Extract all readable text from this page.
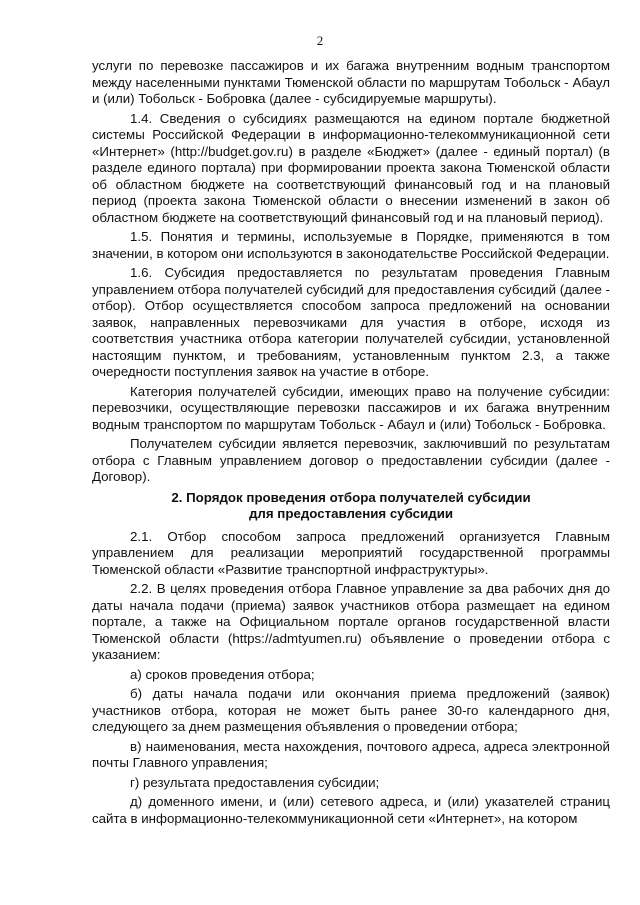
2

услуги по перевозке пассажиров и их багажа внутренним водным транспортом между населенными пунктами Тюменской области по маршрутам Тобольск - Абаул и (или) Тобольск - Бобровка (далее - субсидируемые маршруты).

1.4. Сведения о субсидиях размещаются на едином портале бюджетной системы Российской Федерации в информационно-телекоммуникационной сети «Интернет» (http://budget.gov.ru) в разделе «Бюджет» (далее - единый портал) (в разделе единого портала) при формировании проекта закона Тюменской области об областном бюджете на соответствующий финансовый год и на плановый период (проекта закона Тюменской области о внесении изменений в закон об областном бюджете на соответствующий финансовый год и на плановый период).

1.5. Понятия и термины, используемые в Порядке, применяются в том значении, в котором они используются в законодательстве Российской Федерации.

1.6. Субсидия предоставляется по результатам проведения Главным управлением отбора получателей субсидий для предоставления субсидий (далее - отбор). Отбор осуществляется способом запроса предложений на основании заявок, направленных перевозчиками для участия в отборе, исходя из соответствия участника отбора категории получателей субсидии, установленной настоящим пунктом, и требованиям, установленным пунктом 2.3, а также очередности поступления заявок на участие в отборе.

Категория получателей субсидии, имеющих право на получение субсидии: перевозчики, осуществляющие перевозки пассажиров и их багажа внутренним водным транспортом по маршрутам Тобольск - Абаул и (или) Тобольск - Бобровка.

Получателем субсидии является перевозчик, заключивший по результатам отбора с Главным управлением договор о предоставлении субсидии (далее - Договор).

2. Порядок проведения отбора получателей субсидии
для предоставления субсидии

2.1. Отбор способом запроса предложений организуется Главным управлением для реализации мероприятий государственной программы Тюменской области «Развитие транспортной инфраструктуры».

2.2. В целях проведения отбора Главное управление за два рабочих дня до даты начала подачи (приема) заявок участников отбора размещает на едином портале, а также на Официальном портале органов государственной власти Тюменской области (https://admtyumen.ru) объявление о проведении отбора с указанием:

а) сроков проведения отбора;

б) даты начала подачи или окончания приема предложений (заявок) участников отбора, которая не может быть ранее 30-го календарного дня, следующего за днем размещения объявления о проведении отбора;

в) наименования, места нахождения, почтового адреса, адреса электронной почты Главного управления;

г) результата предоставления субсидии;

д) доменного имени, и (или) сетевого адреса, и (или) указателей страниц сайта в информационно-телекоммуникационной сети «Интернет», на котором
